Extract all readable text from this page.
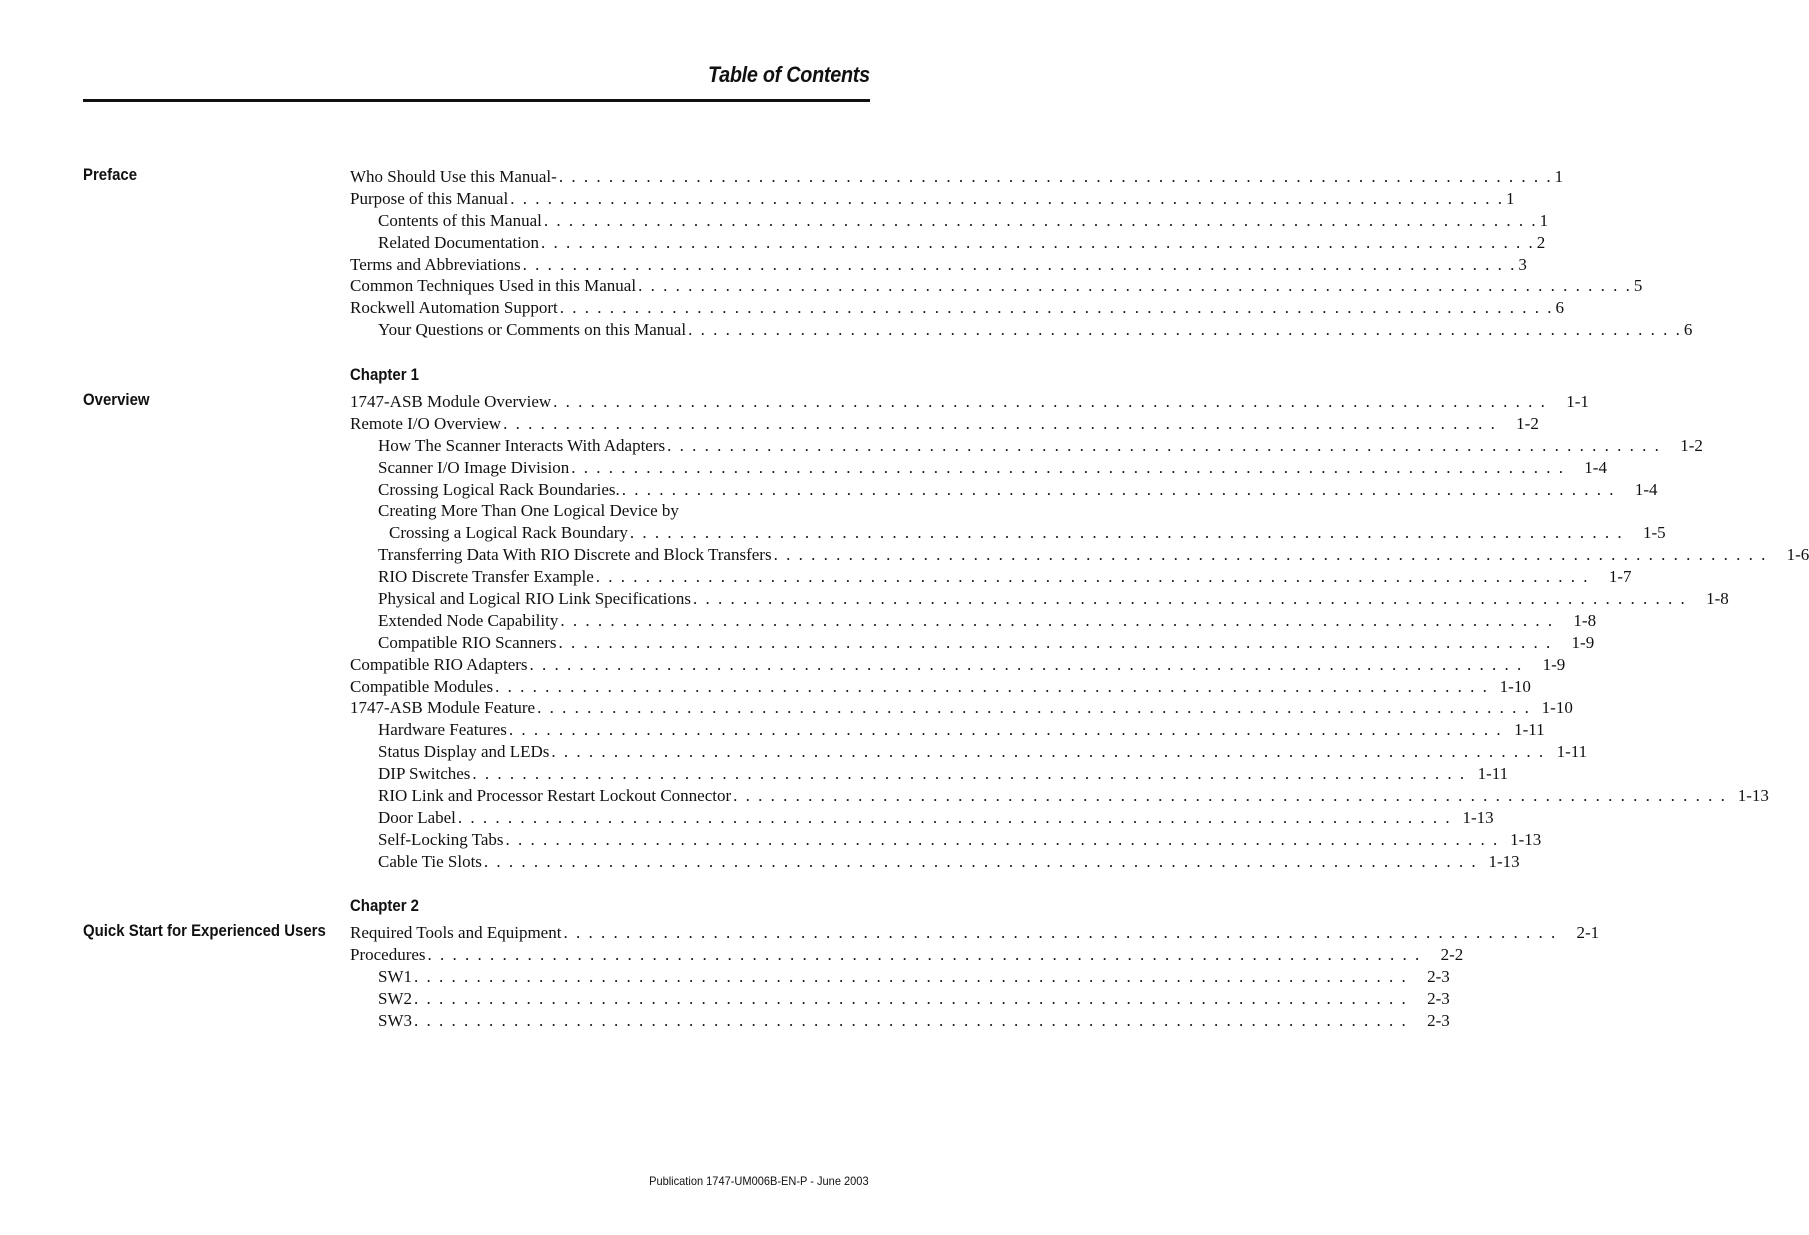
Table of Contents
Preface	Who Should Use this Manual- . . . . . . . . . . . . . . . . . . . . . . . . . . . . . . . . . . . . . . . . . . . . . . . . . . . . . . . . . . . . . . . . . . . . . . . . . . . . . . . . 1
Purpose of this Manual . . . . . . . . . . . . . . . . . . . . . . . . . . . . . . . . . . . . . . . . . . . . . . . . . . . . . . . . . . . . . . . . . . . . . . . . . . . . . . . . 1
Contents of this Manual . . . . . . . . . . . . . . . . . . . . . . . . . . . . . . . . . . . . . . . . . . . . . . . . . . . . . . . . . . . . . . . . . . . . . . . . . . . . . . . . 1
Related Documentation . . . . . . . . . . . . . . . . . . . . . . . . . . . . . . . . . . . . . . . . . . . . . . . . . . . . . . . . . . . . . . . . . . . . . . . . . . . . . . . . 2
Terms and Abbreviations . . . . . . . . . . . . . . . . . . . . . . . . . . . . . . . . . . . . . . . . . . . . . . . . . . . . . . . . . . . . . . . . . . . . . . . . . . . . . . . . 3
Common Techniques Used in this Manual . . . . . . . . . . . . . . . . . . . . . . . . . . . . . . . . . . . . . . . . . . . . . . . . . . . . . . . . . . . . . . . . . . . . . . . . . . . . . . . . 5
Rockwell Automation Support . . . . . . . . . . . . . . . . . . . . . . . . . . . . . . . . . . . . . . . . . . . . . . . . . . . . . . . . . . . . . . . . . . . . . . . . . . . . . . . . 6
Your Questions or Comments on this Manual . . . . . . . . . . . . . . . . . . . . . . . . . . . . . . . . . . . . . . . . . . . . . . . . . . . . . . . . . . . . . . . . . . . . . . . . . . . . . . . . 6
Chapter 1
Overview	1747-ASB Module Overview . . . . . . . . . . . . . . . . . . . . . . . . . . . . . . . . . . . . . . . . . . . . . . . . . . . . . . . . . . . . . . . . . . . . . . . . . . . . . . . .	1-1
Remote I/O Overview . . . . . . . . . . . . . . . . . . . . . . . . . . . . . . . . . . . . . . . . . . . . . . . . . . . . . . . . . . . . . . . . . . . . . . . . . . . . . . . .	1-2
How The Scanner Interacts With Adapters . . . . . . . . . . . . . . . . . . . . . . . . . . . . . . . . . . . . . . . . . . . . . . . . . . . . . . . . . . . . . . . . . . . . . . . . . . . . . . . .	1-2
Scanner I/O Image Division . . . . . . . . . . . . . . . . . . . . . . . . . . . . . . . . . . . . . . . . . . . . . . . . . . . . . . . . . . . . . . . . . . . . . . . . . . . . . . . .	1-4
Crossing Logical Rack Boundaries. . . . . . . . . . . . . . . . . . . . . . . . . . . . . . . . . . . . . . . . . . . . . . . . . . . . . . . . . . . . . . . . . . . . . . . . . . . . . . . . .	1-4
Creating More Than One Logical Device by
Crossing a Logical Rack Boundary . . . . . . . . . . . . . . . . . . . . . . . . . . . . . . . . . . . . . . . . . . . . . . . . . . . . . . . . . . . . . . . . . . . . . . . . . . . . . . . .	1-5
Transferring Data With RIO Discrete and Block Transfers . . . . . . . . . . . . . . . . . . . . . . . . . . . . . . . . . . . . . . . . . . . . . . . . . . . . . . . . . . . . . . . . . . . . . . . . . . . . . . . .	1-6
RIO Discrete Transfer Example . . . . . . . . . . . . . . . . . . . . . . . . . . . . . . . . . . . . . . . . . . . . . . . . . . . . . . . . . . . . . . . . . . . . . . . . . . . . . . . .	1-7
Physical and Logical RIO Link Specifications . . . . . . . . . . . . . . . . . . . . . . . . . . . . . . . . . . . . . . . . . . . . . . . . . . . . . . . . . . . . . . . . . . . . . . . . . . . . . . . .	1-8
Extended Node Capability . . . . . . . . . . . . . . . . . . . . . . . . . . . . . . . . . . . . . . . . . . . . . . . . . . . . . . . . . . . . . . . . . . . . . . . . . . . . . . . .	1-8
Compatible RIO Scanners . . . . . . . . . . . . . . . . . . . . . . . . . . . . . . . . . . . . . . . . . . . . . . . . . . . . . . . . . . . . . . . . . . . . . . . . . . . . . . . .	1-9
Compatible RIO Adapters . . . . . . . . . . . . . . . . . . . . . . . . . . . . . . . . . . . . . . . . . . . . . . . . . . . . . . . . . . . . . . . . . . . . . . . . . . . . . . . .	1-9
Compatible Modules . . . . . . . . . . . . . . . . . . . . . . . . . . . . . . . . . . . . . . . . . . . . . . . . . . . . . . . . . . . . . . . . . . . . . . . . . . . . . . . . 1-10
1747-ASB Module Feature . . . . . . . . . . . . . . . . . . . . . . . . . . . . . . . . . . . . . . . . . . . . . . . . . . . . . . . . . . . . . . . . . . . . . . . . . . . . . . . . 1-10
Hardware Features . . . . . . . . . . . . . . . . . . . . . . . . . . . . . . . . . . . . . . . . . . . . . . . . . . . . . . . . . . . . . . . . . . . . . . . . . . . . . . . . 1-11
Status Display and LEDs . . . . . . . . . . . . . . . . . . . . . . . . . . . . . . . . . . . . . . . . . . . . . . . . . . . . . . . . . . . . . . . . . . . . . . . . . . . . . . . . 1-11
DIP Switches . . . . . . . . . . . . . . . . . . . . . . . . . . . . . . . . . . . . . . . . . . . . . . . . . . . . . . . . . . . . . . . . . . . . . . . . . . . . . . . . 1-11
RIO Link and Processor Restart Lockout Connector . . . . . . . . . . . . . . . . . . . . . . . . . . . . . . . . . . . . . . . . . . . . . . . . . . . . . . . . . . . . . . . . . . . . . . . . . . . . . . . . 1-13
Door Label . . . . . . . . . . . . . . . . . . . . . . . . . . . . . . . . . . . . . . . . . . . . . . . . . . . . . . . . . . . . . . . . . . . . . . . . . . . . . . . . 1-13
Self-Locking Tabs . . . . . . . . . . . . . . . . . . . . . . . . . . . . . . . . . . . . . . . . . . . . . . . . . . . . . . . . . . . . . . . . . . . . . . . . . . . . . . . . 1-13
Cable Tie Slots . . . . . . . . . . . . . . . . . . . . . . . . . . . . . . . . . . . . . . . . . . . . . . . . . . . . . . . . . . . . . . . . . . . . . . . . . . . . . . . . 1-13
Chapter 2
Quick Start for Experienced Users Required Tools and Equipment . . . . . . . . . . . . . . . . . . . . . . . . . . . . . . . . . . . . . . . . . . . . . . . . . . . . . . . . . . . . . . . . . . . . . . . . . . . . . . . .	2-1
Procedures . . . . . . . . . . . . . . . . . . . . . . . . . . . . . . . . . . . . . . . . . . . . . . . . . . . . . . . . . . . . . . . . . . . . . . . . . . . . . . . .	2-2
SW1 . . . . . . . . . . . . . . . . . . . . . . . . . . . . . . . . . . . . . . . . . . . . . . . . . . . . . . . . . . . . . . . . . . . . . . . . . . . . . . . .	2-3
SW2 . . . . . . . . . . . . . . . . . . . . . . . . . . . . . . . . . . . . . . . . . . . . . . . . . . . . . . . . . . . . . . . . . . . . . . . . . . . . . . . .	2-3
SW3 . . . . . . . . . . . . . . . . . . . . . . . . . . . . . . . . . . . . . . . . . . . . . . . . . . . . . . . . . . . . . . . . . . . . . . . . . . . . . . . .	2-3
Publication 1747-UM006B-EN-P - June 2003
